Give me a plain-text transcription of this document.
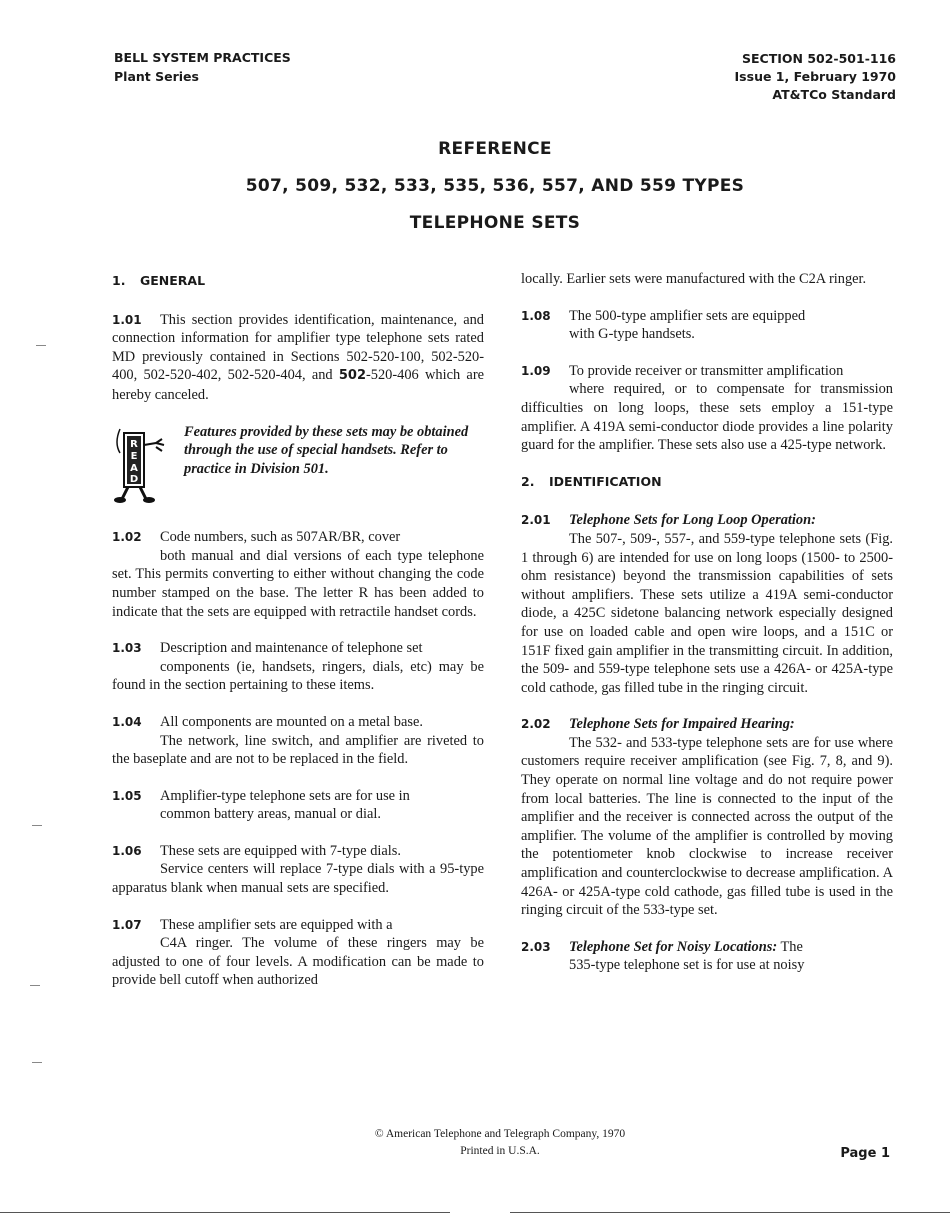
BELL SYSTEM PRACTICES
Plant Series
SECTION 502-501-116
Issue 1, February 1970
AT&TCo Standard
REFERENCE
507, 509, 532, 533, 535, 536, 557, AND 559 TYPES
TELEPHONE SETS
1. GENERAL
1.01 This section provides identification, maintenance, and connection information for amplifier type telephone sets rated MD previously contained in Sections 502-520-100, 502-520-400, 502-520-402, 502-520-404, and 502-520-406 which are hereby canceled.
R
E
A
D
Features provided by these sets may be obtained through the use of special handsets. Refer to practice in Division 501.
1.02 Code numbers, such as 507AR/BR, cover
both manual and dial versions of each type telephone set. This permits converting to either without changing the code number stamped on the base. The letter R has been added to indicate that the sets are equipped with retractile handset cords.
1.03 Description and maintenance of telephone set
components (ie, handsets, ringers, dials, etc) may be found in the section pertaining to these items.
1.04 All components are mounted on a metal base.
The network, line switch, and amplifier are riveted to the baseplate and are not to be replaced in the field.
1.05 Amplifier-type telephone sets are for use in
common battery areas, manual or dial.
1.06 These sets are equipped with 7-type dials.
Service centers will replace 7-type dials with a 95-type apparatus blank when manual sets are specified.
1.07 These amplifier sets are equipped with a
C4A ringer. The volume of these ringers may be adjusted to one of four levels. A modification can be made to provide bell cutoff when authorized
locally. Earlier sets were manufactured with the C2A ringer.
1.08 The 500-type amplifier sets are equipped
with G-type handsets.
1.09 To provide receiver or transmitter amplification
where required, or to compensate for transmission difficulties on long loops, these sets employ a 151-type amplifier. A 419A semi-conductor diode provides a line polarity guard for the amplifier. These sets also use a 425-type network.
2. IDENTIFICATION
2.01 Telephone Sets for Long Loop Operation:
The 507-, 509-, 557-, and 559-type telephone sets (Fig. 1 through 6) are intended for use on long loops (1500- to 2500-ohm resistance) beyond the transmission capabilities of sets without amplifiers. These sets utilize a 419A semi-conductor diode, a 425C sidetone balancing network especially designed for use on loaded cable and open wire loops, and a 151C or 151F fixed gain amplifier in the transmitting circuit. In addition, the 509- and 559-type telephone sets use a 426A- or 425A-type cold cathode, gas filled tube in the ringing circuit.
2.02 Telephone Sets for Impaired Hearing:
The 532- and 533-type telephone sets are for use where customers require receiver amplification (see Fig. 7, 8, and 9). They operate on normal line voltage and do not require power from local batteries. The line is connected to the input of the amplifier and the receiver is connected across the output of the amplifier. The volume of the amplifier is controlled by moving the potentiometer knob clockwise to increase receiver amplification and counterclockwise to decrease amplification. A 426A- or 425A-type cold cathode, gas filled tube is used in the ringing circuit of the 533-type set.
2.03 Telephone Set for Noisy Locations: The
535-type telephone set is for use at noisy
© American Telephone and Telegraph Company, 1970
Printed in U.S.A.	Page 1
